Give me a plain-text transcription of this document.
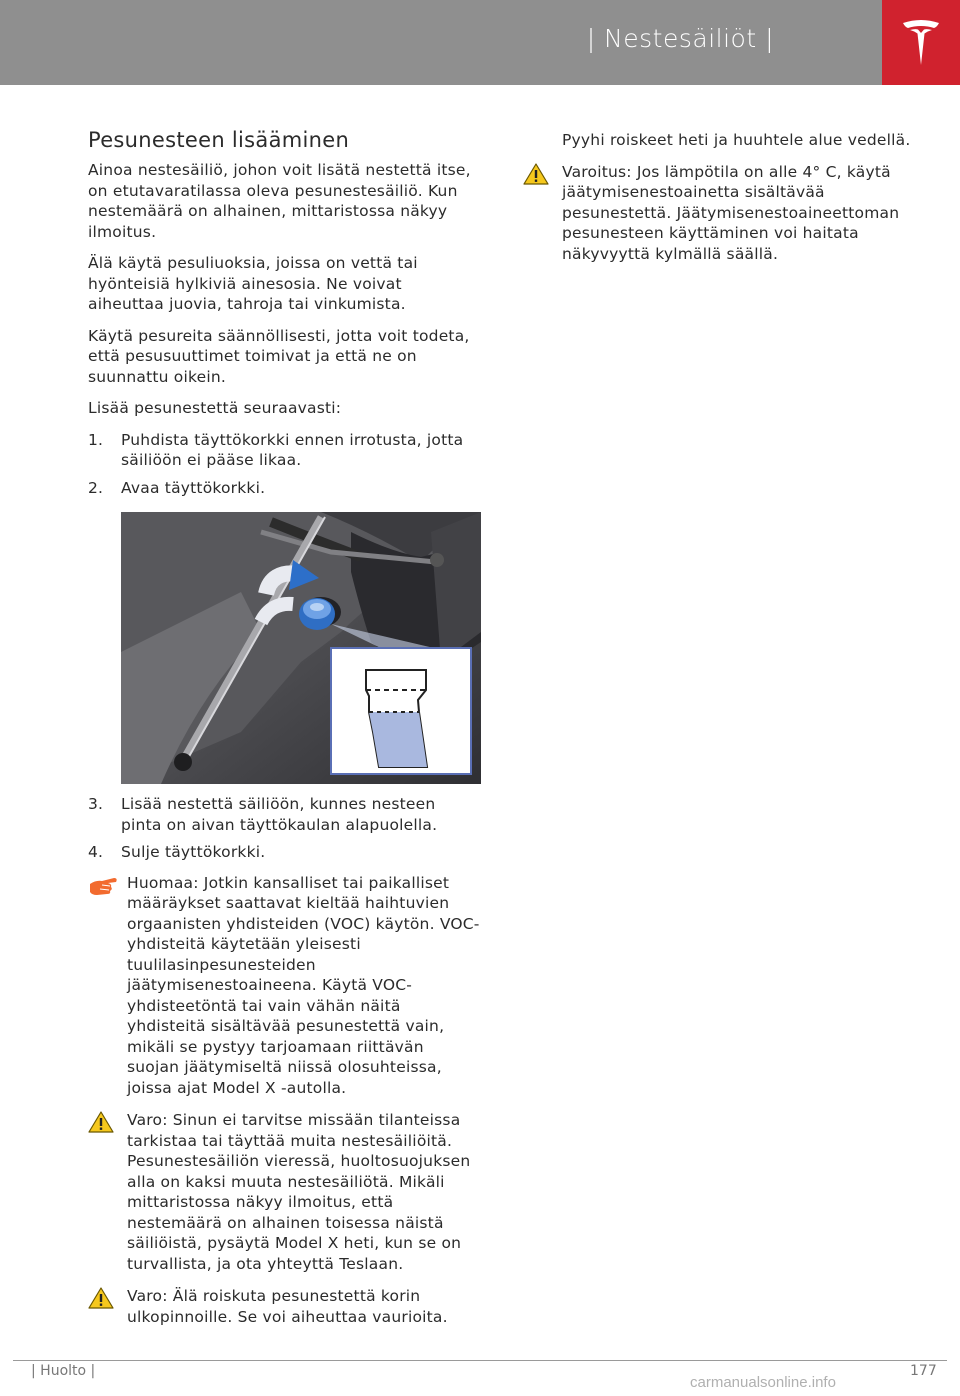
| Nestesäiliöt |
Pesunesteen lisääminen

Ainoa nestesäiliö, johon voit lisätä nestettä itse, on etutavaratilassa oleva pesunestesäiliö. Kun nestemäärä on alhainen, mittaristossa näkyy ilmoitus.

Älä käytä pesuliuoksia, joissa on vettä tai hyönteisiä hylkiviä ainesosia. Ne voivat aiheuttaa juovia, tahroja tai vinkumista.

Käytä pesureita säännöllisesti, jotta voit todeta, että pesusuuttimet toimivat ja että ne on suunnattu oikein.

Lisää pesunestettä seuraavasti:

1. Puhdista täyttökorkki ennen irrotusta, jotta säiliöön ei pääse likaa.
2. Avaa täyttökorkki.
3. Lisää nestettä säiliöön, kunnes nesteen pinta on aivan täyttökaulan alapuolella.
4. Sulje täyttökorkki.
Huomaa: Jotkin kansalliset tai paikalliset määräykset saattavat kieltää haihtuvien orgaanisten yhdisteiden (VOC) käytön. VOC-yhdisteitä käytetään yleisesti tuulilasinpesunesteiden jäätymisenestoaineena. Käytä VOC-yhdisteetöntä tai vain vähän näitä yhdisteitä sisältävää pesunestettä vain, mikäli se pystyy tarjoamaan riittävän suojan jäätymiseltä niissä olosuhteissa, joissa ajat Model X -autolla.
Varo: Sinun ei tarvitse missään tilanteissa tarkistaa tai täyttää muita nestesäiliöitä. Pesunestesäiliön vieressä, huoltosuojuksen alla on kaksi muuta nestesäiliötä. Mikäli mittaristossa näkyy ilmoitus, että nestemäärä on alhainen toisessa näistä säiliöistä, pysäytä Model X heti, kun se on turvallista, ja ota yhteyttä Teslaan.
Varo: Älä roiskuta pesunestettä korin ulkopinnoille. Se voi aiheuttaa vaurioita.

Pyyhi roiskeet heti ja huuhtele alue vedellä.

Varoitus: Jos lämpötila on alle 4° C, käytä jäätymisenestoainetta sisältävää pesunestettä. Jäätymisenestoaineettoman pesunesteen käyttäminen voi haitata näkyvyyttä kylmällä säällä.
| Huolto |	177
carmanualsonline.info
